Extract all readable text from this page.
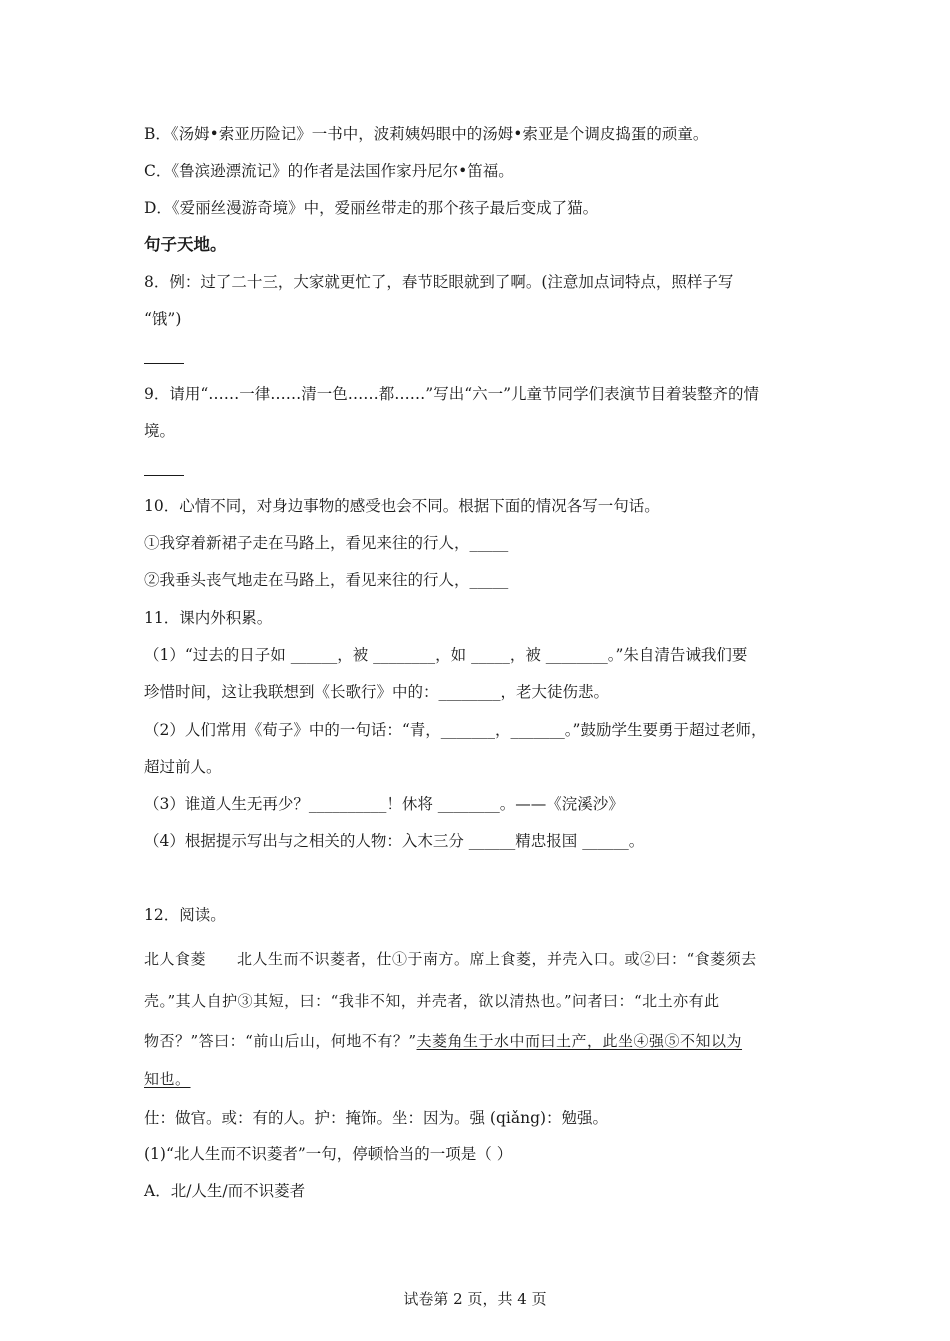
B．《汤姆•索亚历险记》一书中，波莉姨妈眼中的汤姆•索亚是个调皮捣蛋的顽童。
C．《鲁滨逊漂流记》的作者是法国作家丹尼尔•笛福。
D．《爱丽丝漫游奇境》中，爱丽丝带走的那个孩子最后变成了猫。
句子天地。
8．例：过了二十三，大家就更忙了，春节眨眼就到了啊。(注意加点词特点，照样子写
“饿”)
9．请用“……一律……清一色……都……”写出“六一”儿童节同学们表演节目着装整齐的情
境。
10．心情不同，对身边事物的感受也会不同。根据下面的情况各写一句话。
①我穿着新裙子走在马路上，看见来往的行人，_____
②我垂头丧气地走在马路上，看见来往的行人，_____
11．课内外积累。
（1）“过去的日子如 ______，被 ________，如 _____，被 ________。”朱自清告诫我们要
珍惜时间，这让我联想到《长歌行》中的：________，老大徒伤悲。
（2）人们常用《荀子》中的一句话：“青，_______，_______。”鼓励学生要勇于超过老师，
超过前人。
（3）谁道人生无再少？__________！休将 ________。——《浣溪沙》
（4）根据提示写出与之相关的人物：入木三分 ______精忠报国 ______。
12．阅读。
北人食菱　　北人生而不识菱者，仕①于南方。席上食菱，并壳入口。或②曰：“食菱须去
壳。”其人自护③其短，曰：“我非不知，并壳者，欲以清热也。”问者曰：“北土亦有此
物否？”答曰：“前山后山，何地不有？”夫菱角生于水中而曰土产，此坐④强⑤不知以为
知也。
仕：做官。或：有的人。护：掩饰。坐：因为。强 (qiǎng)：勉强。
(1)“北人生而不识菱者”一句，停顿恰当的一项是（ ）
A．北/人生/而不识菱者
试卷第 2 页，共 4 页
